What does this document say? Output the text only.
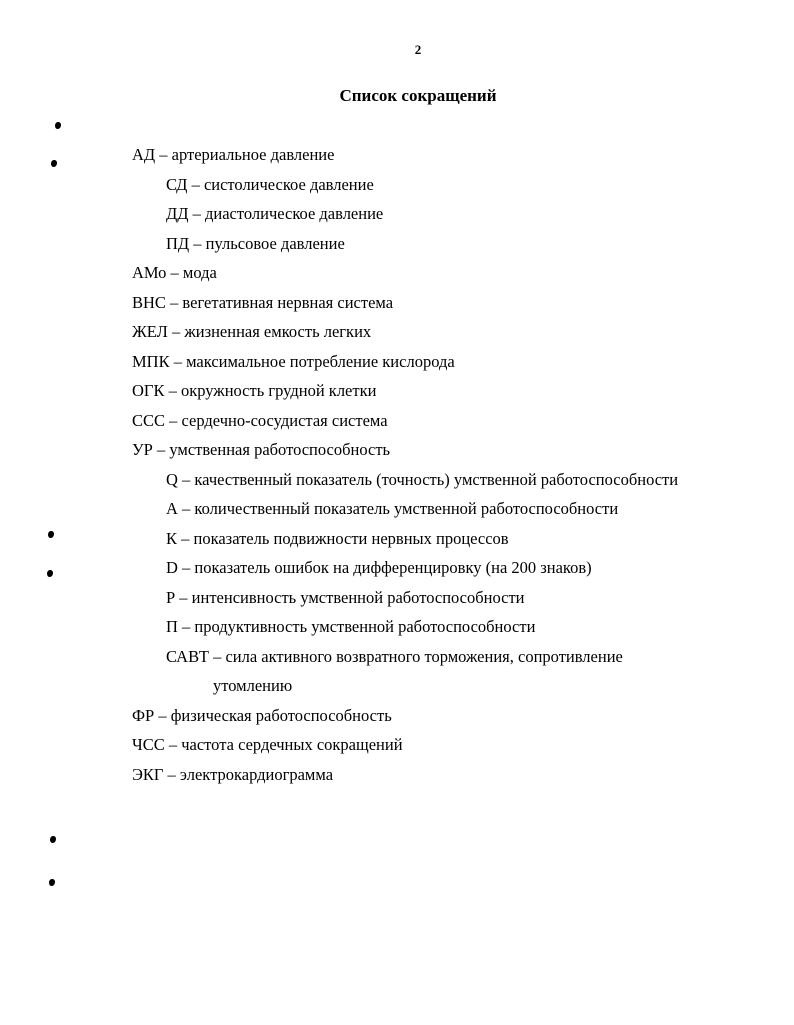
2
Список сокращений
АД – артериальное давление
СД – систолическое давление
ДД – диастолическое давление
ПД – пульсовое давление
АМо – мода
ВНС – вегетативная нервная система
ЖЕЛ – жизненная емкость легких
МПК – максимальное потребление кислорода
ОГК – окружность грудной клетки
ССС – сердечно-сосудистая система
УР – умственная работоспособность
Q – качественный показатель (точность) умственной работоспособности
А – количественный показатель умственной работоспособности
К – показатель подвижности нервных процессов
D – показатель ошибок на дифференцировку (на 200 знаков)
Р – интенсивность умственной работоспособности
П – продуктивность умственной работоспособности
САВТ – сила активного возвратного торможения, сопротивление
утомлению
ФР – физическая работоспособность
ЧСС – частота сердечных сокращений
ЭКГ – электрокардиограмма
